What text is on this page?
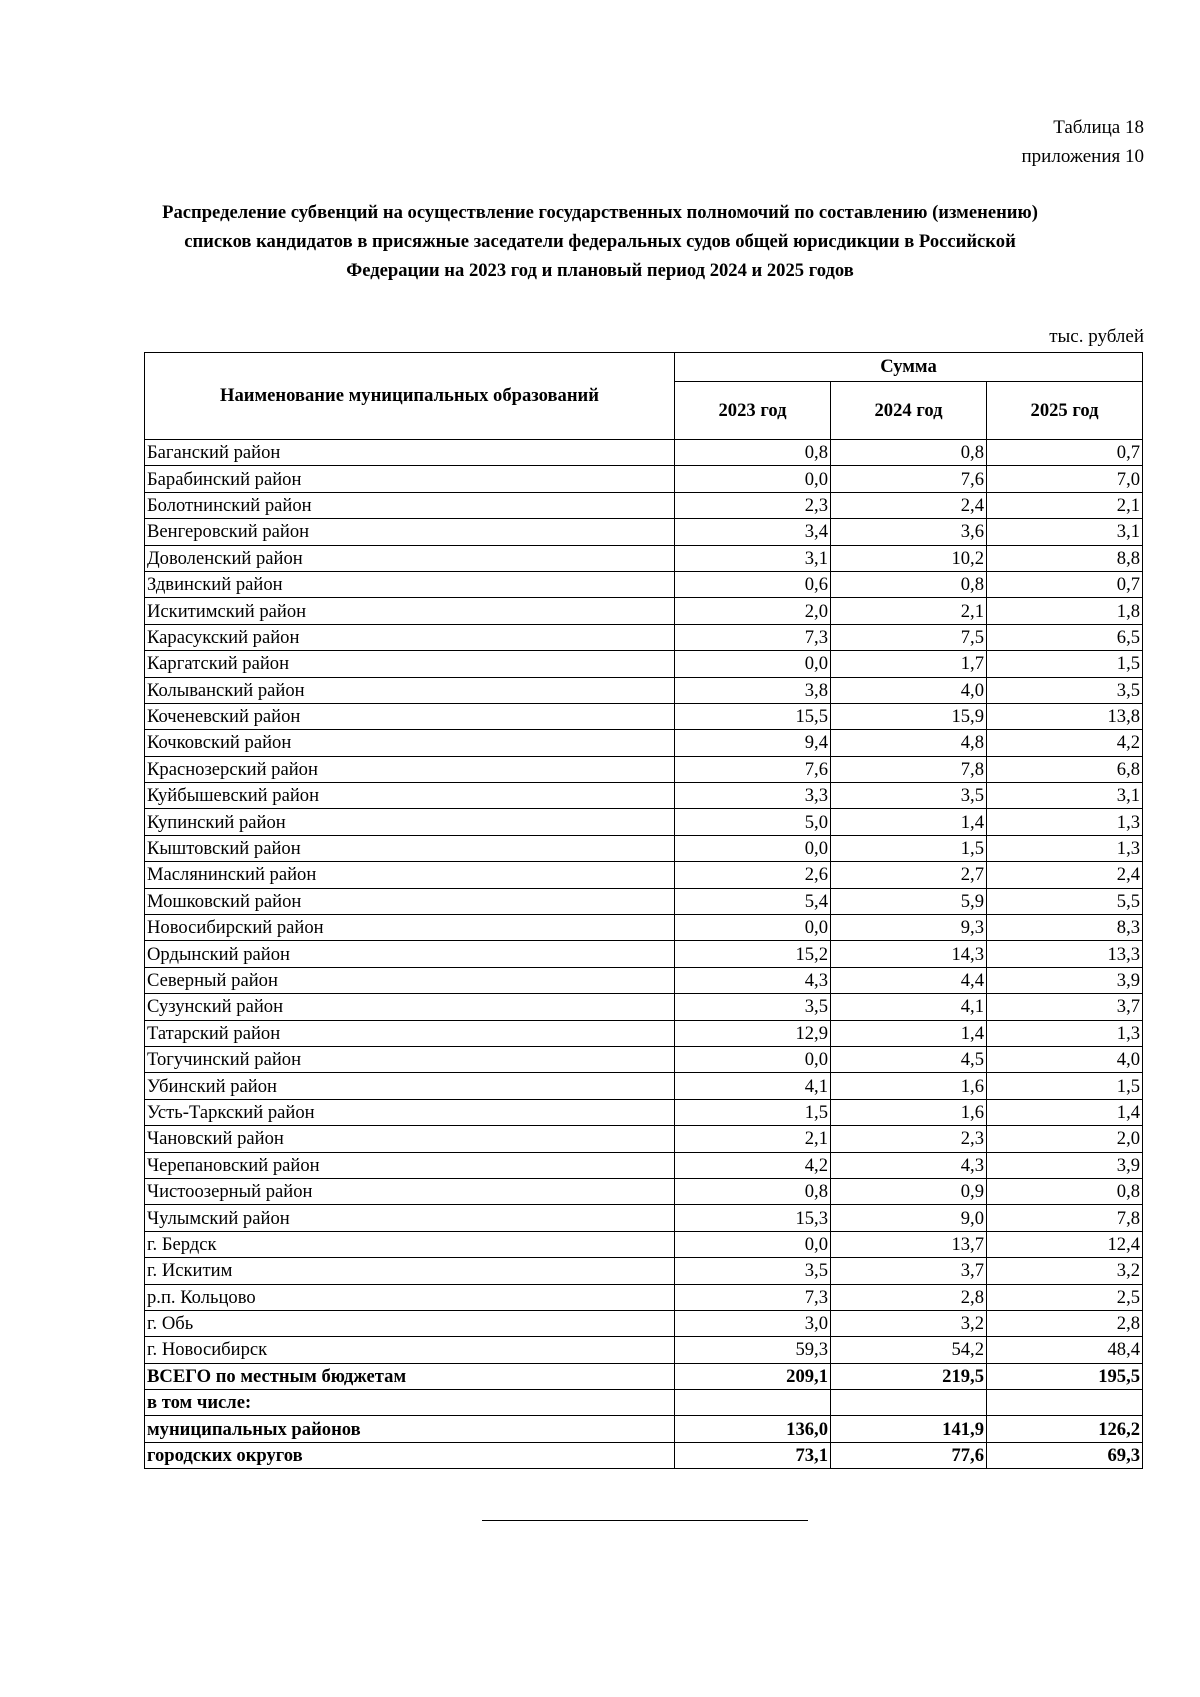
Таблица 18
приложения 10
Распределение субвенций на осуществление государственных полномочий по составлению (изменению) списков кандидатов в присяжные заседатели федеральных судов общей юрисдикции в Российской Федерации на 2023 год и плановый период 2024 и 2025 годов
тыс. рублей
Наименование муниципальных образований	Сумма		
	2023 год	2024 год	2025 год
Баганский район	0,8	0,8	0,7
Барабинский район	0,0	7,6	7,0
Болотнинский район	2,3	2,4	2,1
Венгеровский район	3,4	3,6	3,1
Доволенский район	3,1	10,2	8,8
Здвинский район	0,6	0,8	0,7
Искитимский район	2,0	2,1	1,8
Карасукский район	7,3	7,5	6,5
Каргатский район	0,0	1,7	1,5
Колыванский район	3,8	4,0	3,5
Коченевский район	15,5	15,9	13,8
Кочковский район	9,4	4,8	4,2
Краснозерский район	7,6	7,8	6,8
Куйбышевский район	3,3	3,5	3,1
Купинский район	5,0	1,4	1,3
Кыштовский район	0,0	1,5	1,3
Маслянинский район	2,6	2,7	2,4
Мошковский район	5,4	5,9	5,5
Новосибирский район	0,0	9,3	8,3
Ордынский район	15,2	14,3	13,3
Северный район	4,3	4,4	3,9
Сузунский район	3,5	4,1	3,7
Татарский район	12,9	1,4	1,3
Тогучинский район	0,0	4,5	4,0
Убинский район	4,1	1,6	1,5
Усть-Таркский район	1,5	1,6	1,4
Чановский район	2,1	2,3	2,0
Черепановский район	4,2	4,3	3,9
Чистоозерный район	0,8	0,9	0,8
Чулымский район	15,3	9,0	7,8
г. Бердск	0,0	13,7	12,4
г. Искитим	3,5	3,7	3,2
р.п. Кольцово	7,3	2,8	2,5
г. Обь	3,0	3,2	2,8
г. Новосибирск	59,3	54,2	48,4
ВСЕГО по местным бюджетам	209,1	219,5	195,5
в том числе:			
муниципальных районов	136,0	141,9	126,2
городских округов	73,1	77,6	69,3
